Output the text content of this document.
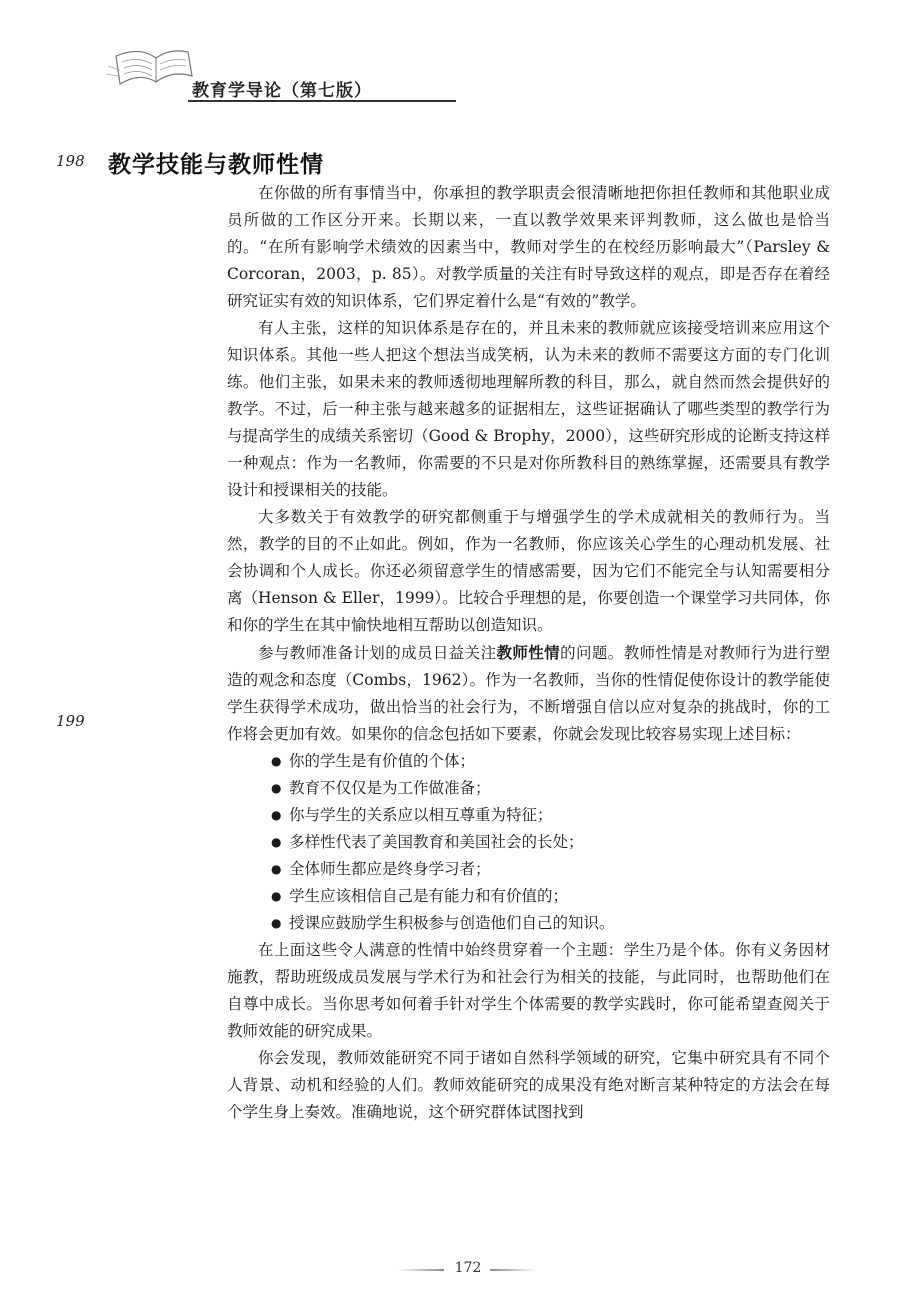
教育学导论（第七版）
198 教学技能与教师性情
199

在你做的所有事情当中，你承担的教学职责会很清晰地把你担任教师和其他职业成员所做的工作区分开来。长期以来，一直以教学效果来评判教师，这么做也是恰当的。“在所有影响学术绩效的因素当中，教师对学生的在校经历影响最大”（Parsley & Corcoran，2003，p. 85）。对教学质量的关注有时导致这样的观点，即是否存在着经研究证实有效的知识体系，它们界定着什么是“有效的”教学。

有人主张，这样的知识体系是存在的，并且未来的教师就应该接受培训来应用这个知识体系。其他一些人把这个想法当成笑柄，认为未来的教师不需要这方面的专门化训练。他们主张，如果未来的教师透彻地理解所教的科目，那么，就自然而然会提供好的教学。不过，后一种主张与越来越多的证据相左，这些证据确认了哪些类型的教学行为与提高学生的成绩关系密切（Good & Brophy，2000），这些研究形成的论断支持这样一种观点：作为一名教师，你需要的不只是对你所教科目的熟练掌握，还需要具有教学设计和授课相关的技能。

大多数关于有效教学的研究都侧重于与增强学生的学术成就相关的教师行为。当然，教学的目的不止如此。例如，作为一名教师，你应该关心学生的心理动机发展、社会协调和个人成长。你还必须留意学生的情感需要，因为它们不能完全与认知需要相分离（Henson & Eller，1999）。比较合乎理想的是，你要创造一个课堂学习共同体，你和你的学生在其中愉快地相互帮助以创造知识。

参与教师准备计划的成员日益关注教师性情的问题。教师性情是对教师行为进行塑造的观念和态度（Combs，1962）。作为一名教师，当你的性情促使你设计的教学能使学生获得学术成功，做出恰当的社会行为，不断增强自信以应对复杂的挑战时，你的工作将会更加有效。如果你的信念包括如下要素，你就会发现比较容易实现上述目标：

● 你的学生是有价值的个体；
● 教育不仅仅是为工作做准备；
● 你与学生的关系应以相互尊重为特征；
● 多样性代表了美国教育和美国社会的长处；
● 全体师生都应是终身学习者；
● 学生应该相信自己是有能力和有价值的；
● 授课应鼓励学生积极参与创造他们自己的知识。

在上面这些令人满意的性情中始终贯穿着一个主题：学生乃是个体。你有义务因材施教，帮助班级成员发展与学术行为和社会行为相关的技能，与此同时，也帮助他们在自尊中成长。当你思考如何着手针对学生个体需要的教学实践时，你可能希望查阅关于教师效能的研究成果。

你会发现，教师效能研究不同于诸如自然科学领域的研究，它集中研究具有不同个人背景、动机和经验的人们。教师效能研究的成果没有绝对断言某种特定的方法会在每个学生身上奏效。准确地说，这个研究群体试图找到

172
